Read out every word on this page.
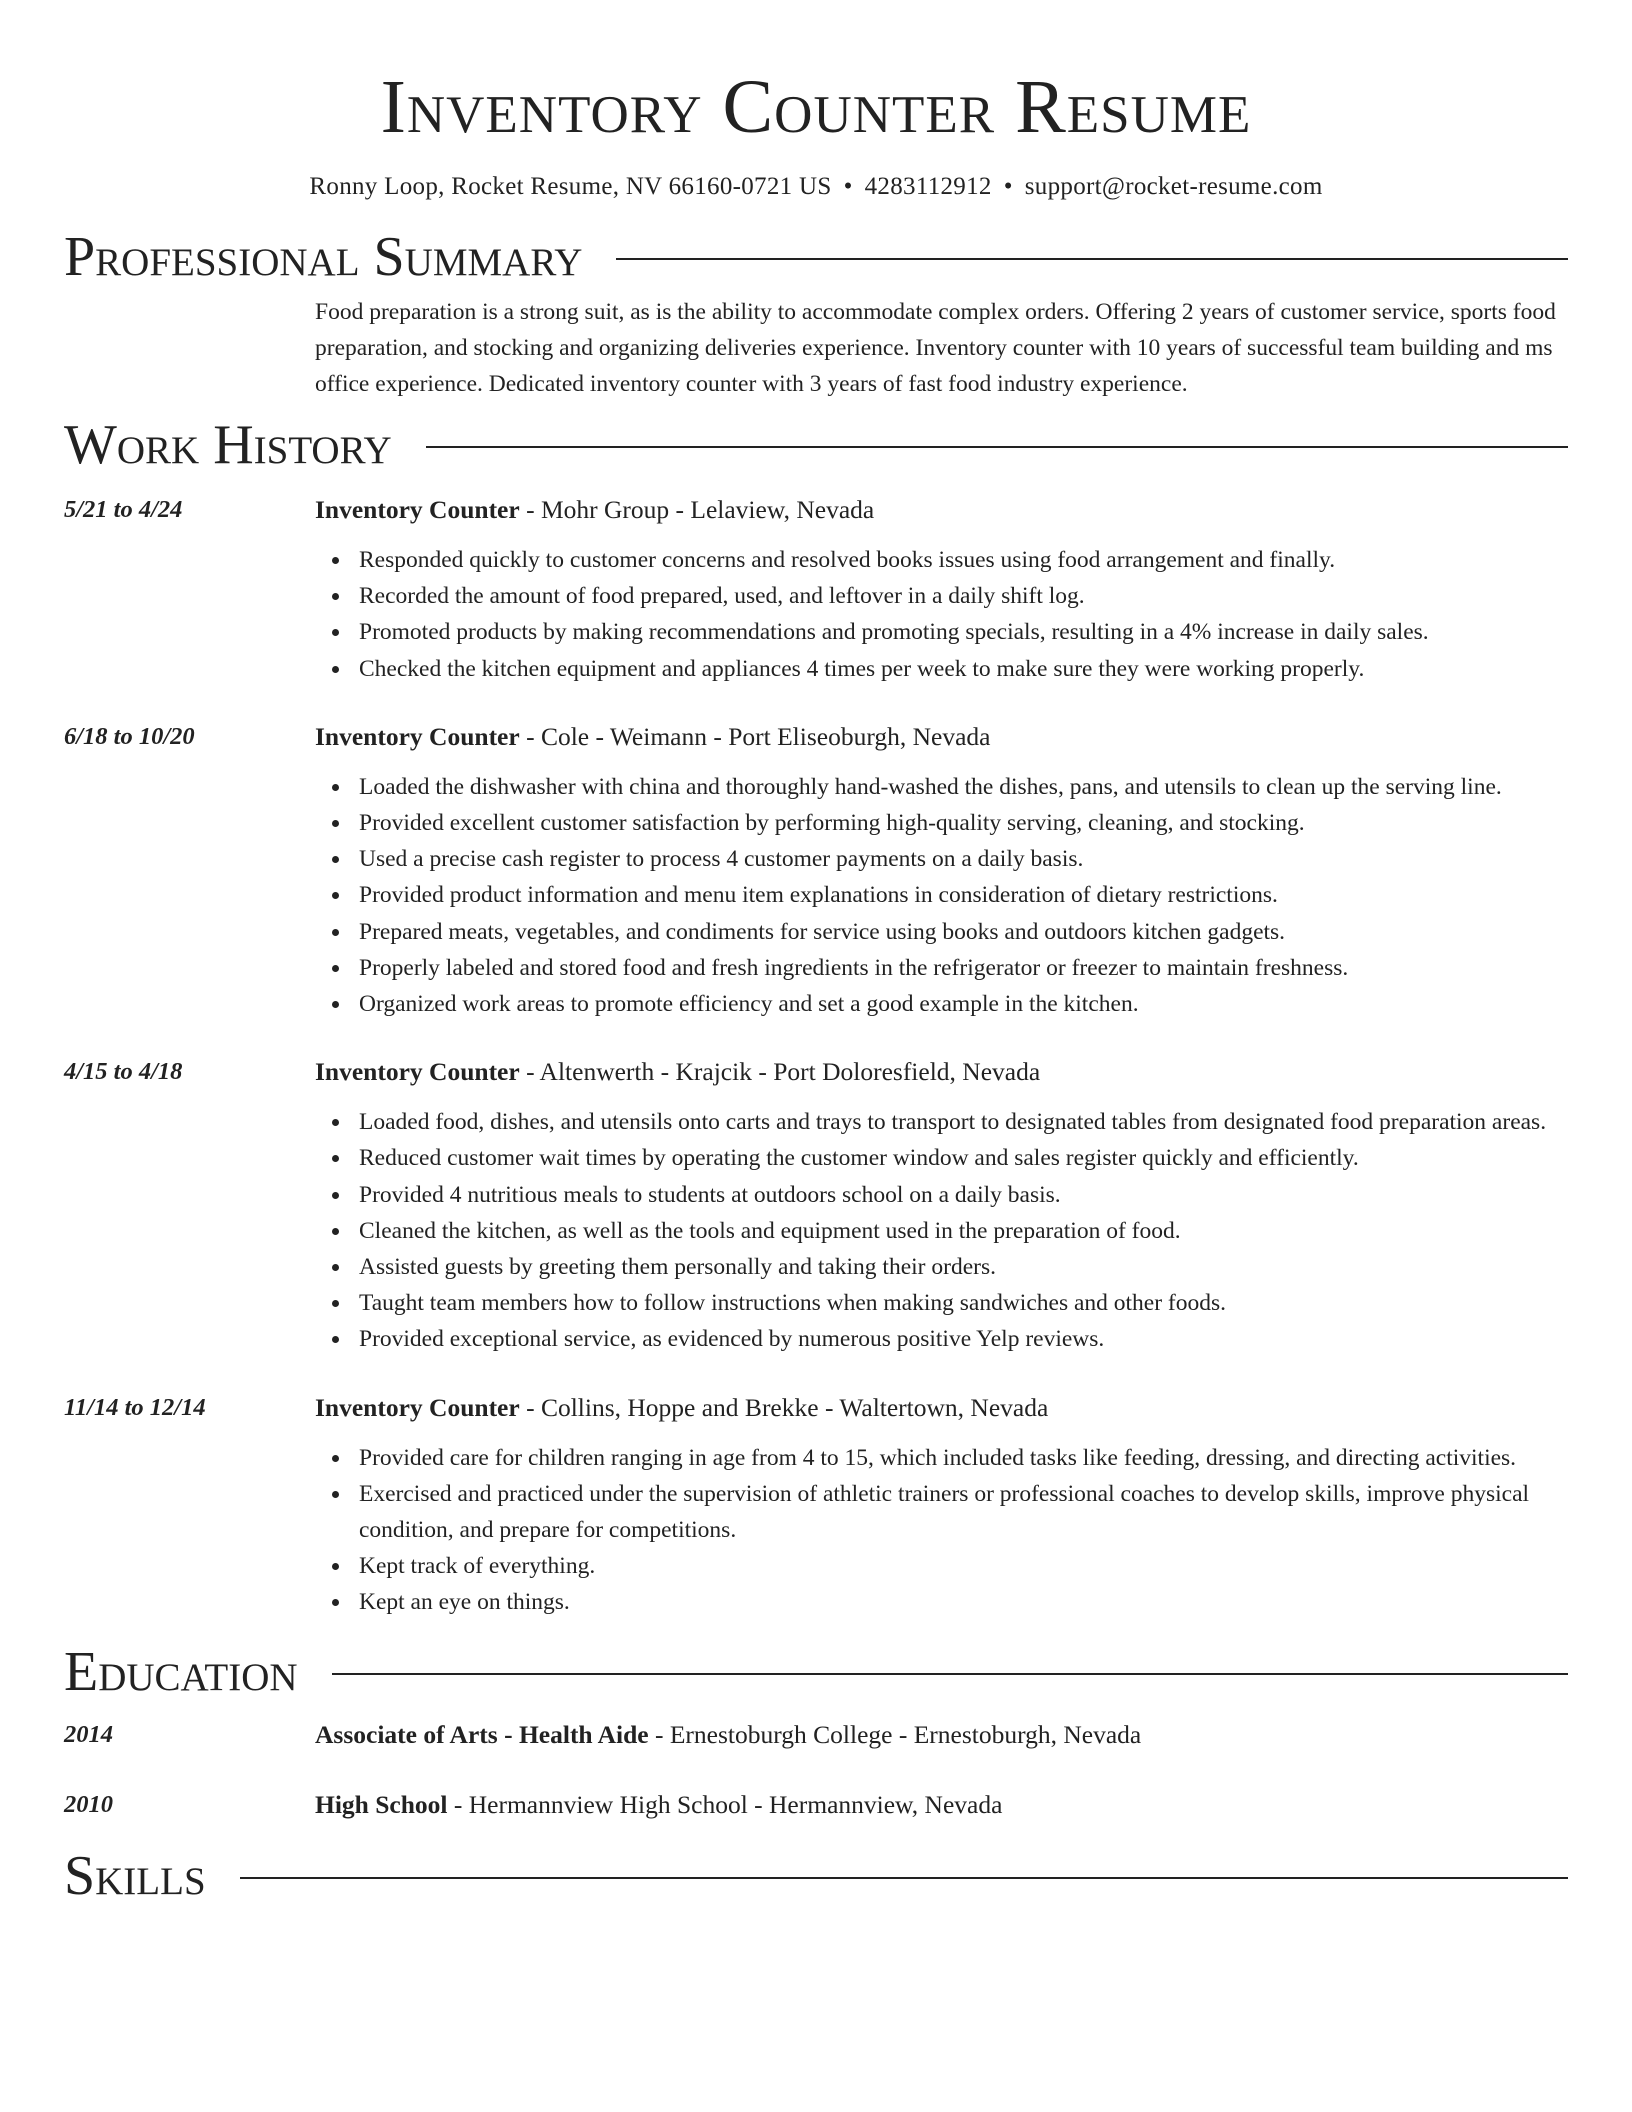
Inventory Counter Resume
Ronny Loop, Rocket Resume, NV 66160-0721 US • 4283112912 • support@rocket-resume.com
Professional Summary
Food preparation is a strong suit, as is the ability to accommodate complex orders. Offering 2 years of customer service, sports food preparation, and stocking and organizing deliveries experience. Inventory counter with 10 years of successful team building and ms office experience. Dedicated inventory counter with 3 years of fast food industry experience.
Work History
5/21 to 4/24	Inventory Counter - Mohr Group - Lelaview, Nevada
Responded quickly to customer concerns and resolved books issues using food arrangement and finally.
Recorded the amount of food prepared, used, and leftover in a daily shift log.
Promoted products by making recommendations and promoting specials, resulting in a 4% increase in daily sales.
Checked the kitchen equipment and appliances 4 times per week to make sure they were working properly.
6/18 to 10/20	Inventory Counter - Cole - Weimann - Port Eliseoburgh, Nevada
Loaded the dishwasher with china and thoroughly hand-washed the dishes, pans, and utensils to clean up the serving line.
Provided excellent customer satisfaction by performing high-quality serving, cleaning, and stocking.
Used a precise cash register to process 4 customer payments on a daily basis.
Provided product information and menu item explanations in consideration of dietary restrictions.
Prepared meats, vegetables, and condiments for service using books and outdoors kitchen gadgets.
Properly labeled and stored food and fresh ingredients in the refrigerator or freezer to maintain freshness.
Organized work areas to promote efficiency and set a good example in the kitchen.
4/15 to 4/18	Inventory Counter - Altenwerth - Krajcik - Port Doloresfield, Nevada
Loaded food, dishes, and utensils onto carts and trays to transport to designated tables from designated food preparation areas.
Reduced customer wait times by operating the customer window and sales register quickly and efficiently.
Provided 4 nutritious meals to students at outdoors school on a daily basis.
Cleaned the kitchen, as well as the tools and equipment used in the preparation of food.
Assisted guests by greeting them personally and taking their orders.
Taught team members how to follow instructions when making sandwiches and other foods.
Provided exceptional service, as evidenced by numerous positive Yelp reviews.
11/14 to 12/14	Inventory Counter - Collins, Hoppe and Brekke - Waltertown, Nevada
Provided care for children ranging in age from 4 to 15, which included tasks like feeding, dressing, and directing activities.
Exercised and practiced under the supervision of athletic trainers or professional coaches to develop skills, improve physical condition, and prepare for competitions.
Kept track of everything.
Kept an eye on things.
Education
2014	Associate of Arts - Health Aide - Ernestoburgh College - Ernestoburgh, Nevada
2010	High School - Hermannview High School - Hermannview, Nevada
Skills
